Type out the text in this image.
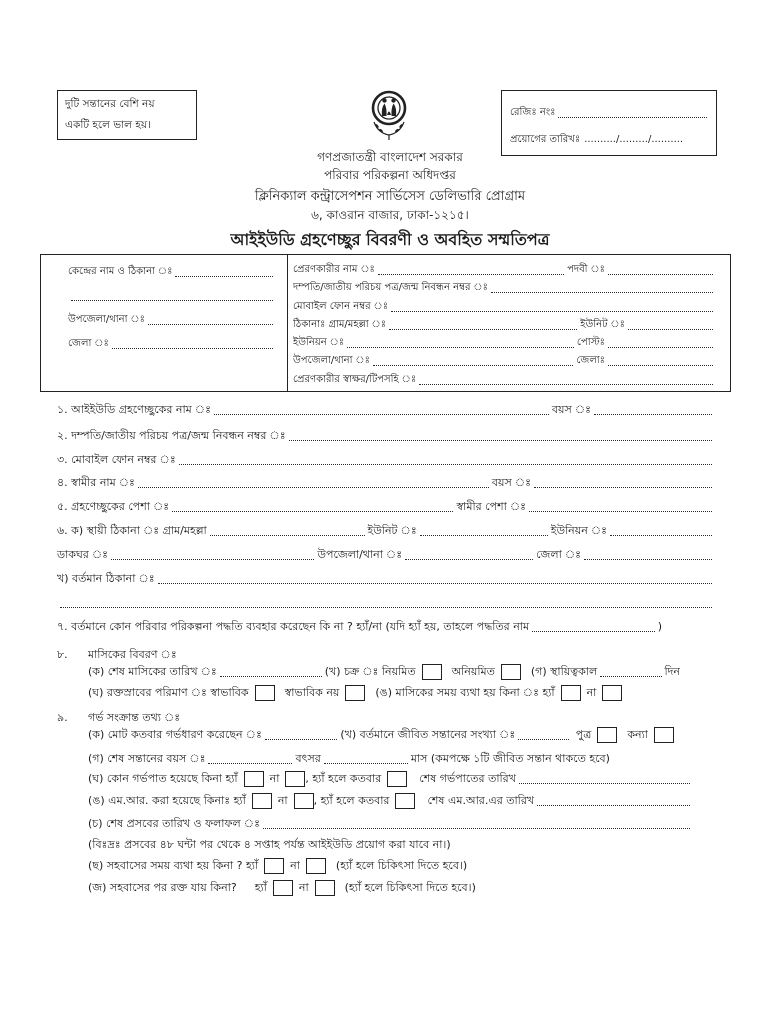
দুটি সন্তানের বেশি নয়
একটি হলে ভাল হয়।
রেজিঃ নংঃ
প্রয়োগের তারিখঃ ........../........./..........
গণপ্রজাতন্ত্রী বাংলাদেশ সরকার
পরিবার পরিকল্পনা অধিদপ্তর
ক্লিনিক্যাল কন্ট্রাসেপশন সার্ভিসেস ডেলিভারি প্রোগ্রাম
৬, কাওরান বাজার, ঢাকা-১২১৫।
আইইউডি গ্রহণেচ্ছুর বিবরণী ও অবহিত সম্মতিপত্র
কেন্দ্রের নাম ও ঠিকানা ঃ
উপজেলা/থানা ঃ
জেলা ঃ
প্রেরণকারীর নাম ঃ	পদবী ঃ
দম্পতি/জাতীয় পরিচয় পত্র/জন্ম নিবন্ধন নম্বর ঃ
মোবাইল ফোন নম্বর ঃ
ঠিকানাঃ গ্রাম/মহল্লা ঃ	ইউনিট ঃ
ইউনিয়ন ঃ	পোস্টঃ
উপজেলা/থানা ঃ	জেলাঃ
প্রেরণকারীর স্বাক্ষর/টিপসহি ঃ
১. আইইউডি গ্রহণেচ্ছুকের নাম ঃ	বয়স ঃ
২. দম্পতি/জাতীয় পরিচয় পত্র/জন্ম নিবন্ধন নম্বর ঃ
৩. মোবাইল ফোন নম্বর ঃ
৪. স্বামীর নাম ঃ	বয়স ঃ
৫. গ্রহণেচ্ছুকের পেশা ঃ	স্বামীর পেশা ঃ
৬. ক) স্থায়ী ঠিকানা ঃ গ্রাম/মহল্লা	ইউনিট ঃ	ইউনিয়ন ঃ
ডাকঘর ঃ	উপজেলা/থানা ঃ	জেলা ঃ
খ) বর্তমান ঠিকানা ঃ
৭. বর্তমানে কোন পরিবার পরিকল্পনা পদ্ধতি ব্যবহার করেছেন কি না ? হ্যাঁ/না (যদি হ্যাঁ হয়, তাহলে পদ্ধতির নাম	)
৮.	মাসিকের বিবরণ ঃ
(ক) শেষ মাসিকের তারিখ ঃ	(খ) চক্র ঃ নিয়মিত	অনিয়মিত	(গ) স্থায়িত্বকাল	দিন
(ঘ) রক্তস্রাবের পরিমাণ ঃ স্বাভাবিক	স্বাভাবিক নয়	(ঙ) মাসিকের সময় ব্যথা হয় কিনা ঃ হ্যাঁ	না
৯.	গর্ভ সংক্রান্ত তথ্য ঃ
(ক) মোট কতবার গর্ভধারণ করেছেন ঃ	(খ) বর্তমানে জীবিত সন্তানের সংখ্যা ঃ	পুত্র	কন্যা
(গ) শেষ সন্তানের বয়স ঃ	বৎসর	মাস (কমপক্ষে ১টি জীবিত সন্তান থাকতে হবে)
(ঘ) কোন গর্ভপাত হয়েছে কিনা হ্যাঁ	না , হ্যাঁ হলে কতবার	শেষ গর্ভপাতের তারিখ
(ঙ) এম.আর. করা হয়েছে কিনাঃ হ্যাঁ	না , হ্যাঁ হলে কতবার	শেষ এম.আর.এর তারিখ
(চ) শেষ প্রসবের তারিখ ও ফলাফল ঃ
(বিঃদ্রঃ প্রসবের ৪৮ ঘন্টা পর থেকে ৪ সপ্তাহ পর্যন্ত আইইউডি প্রয়োগ করা যাবে না।)
(ছ) সহবাসের সময় ব্যথা হয় কিনা ? হ্যাঁ	না	(হ্যাঁ হলে চিকিৎসা দিতে হবে।)
(জ) সহবাসের পর রক্ত যায় কিনা? হ্যাঁ	না	(হ্যাঁ হলে চিকিৎসা দিতে হবে।)
